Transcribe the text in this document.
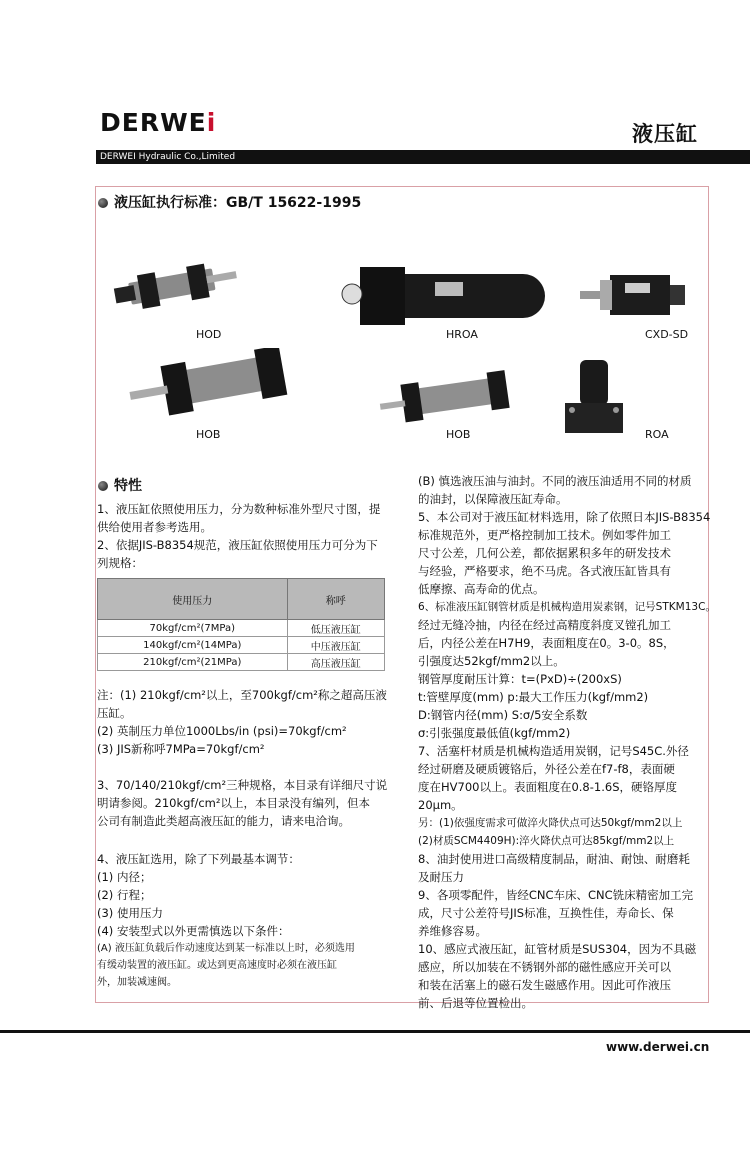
DERWEi	液压缸
DERWEI Hydraulic Co.,Limited
液压缸执行标准：GB/T 15622-1995
HOD	HROA	CXD-SD
HOB	HOB	ROA
特性
1、液压缸依照使用压力，分为数种标准外型尺寸图，提
供给使用者参考选用。
2、依据JIS-B8354规范，液压缸依照使用压力可分为下
列规格：
使用压力	称呼
70kgf/cm²(7MPa)	低压液压缸
140kgf/cm²(14MPa)	中压液压缸
210kgf/cm²(21MPa)	高压液压缸
注：(1) 210kgf/cm²以上，至700kgf/cm²称之超高压液
压缸。
(2) 英制压力单位1000Lbs/in (psi)=70kgf/cm²
(3) JIS新称呼7MPa=70kgf/cm²
3、70/140/210kgf/cm²三种规格，本目录有详细尺寸说
明请参阅。210kgf/cm²以上，本目录没有编列，但本
公司有制造此类超高液压缸的能力，请来电洽询。
4、液压缸选用，除了下列最基本调节：
(1) 内径；
(2) 行程；
(3) 使用压力
(4) 安装型式以外更需慎选以下条件：
(A) 液压缸负载后作动速度达到某一标准以上时，必须选用
有缓动装置的液压缸。或达到更高速度时必须在液压缸
外，加装减速阀。
(B) 慎选液压油与油封。不同的液压油适用不同的材质
的油封，以保障液压缸寿命。
5、本公司对于液压缸材料选用，除了依照日本JIS-B8354
标准规范外，更严格控制加工技术。例如零件加工
尺寸公差，几何公差，都依据累积多年的研发技术
与经验，严格要求，绝不马虎。各式液压缸皆具有
低摩擦、高寿命的优点。
6、标准液压缸钢管材质是机械构造用炭素钢，记号STKM13C。
经过无缝冷抽，内径在经过高精度斜度叉镗孔加工
后，内径公差在H7H9，表面粗度在0。3-0。8S，
引强度达52kgf/mm2以上。
钢管厚度耐压计算：t=(PxD)÷(200xS)
t:管壁厚度(mm) p:最大工作压力(kgf/mm2)
D:钢管内径(mm) S:σ/5安全系数
σ:引张强度最低值(kgf/mm2)
7、活塞杆材质是机械构造适用炭钢，记号S45C.外径
经过研磨及硬质镀铬后，外径公差在f7-f8，表面硬
度在HV700以上。表面粗度在0.8-1.6S，硬铬厚度
20μm。
另：(1)依强度需求可做淬火降伏点可达50kgf/mm2以上
(2)材质SCM4409H):淬火降伏点可达85kgf/mm2以上
8、油封使用进口高级精度制品，耐油、耐蚀、耐磨耗
及耐压力
9、各项零配件，皆经CNC车床、CNC铣床精密加工完
成，尺寸公差符号JIS标准，互换性佳，寿命长、保
养维修容易。
10、感应式液压缸，缸管材质是SUS304，因为不具磁
感应，所以加装在不锈钢外部的磁性感应开关可以
和装在活塞上的磁石发生磁感作用。因此可作液压
前、后退等位置检出。
www.derwei.cn
